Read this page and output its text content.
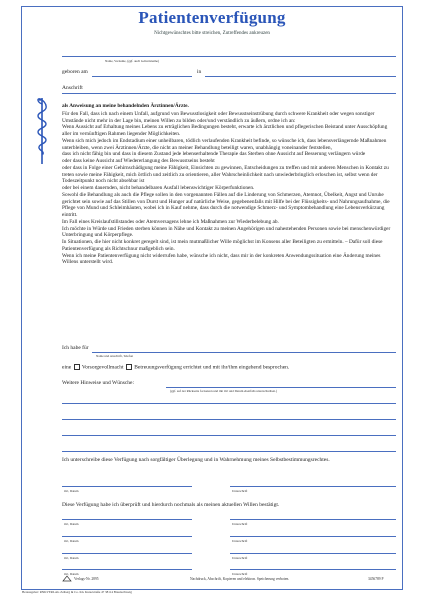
Patientenverfügung
Nichtgewünschtes bitte streichen, Zutreffendes ankreuzen
Name, Vorname, (ggf. auch Geburtsname)
geboren am	in
Anschrift

als Anweisung an meine behandelnden Ärztinnen/Ärzte.

Für den Fall, dass ich nach einem Unfall, aufgrund von Bewusstlosigkeit oder Bewusstseinstrübung durch schwere Krankheit oder wegen sonstiger Umstände nicht mehr in der Lage bin, meinen Willen zu bilden oder/und verständlich zu äußern, ordne ich an:

Wenn Aussicht auf Erhaltung meines Lebens zu erträglichen Bedingungen besteht, erwarte ich ärztlichen und pflegerischen Beistand unter Ausschöpfung aller im vernünftigen Rahmen liegender Möglichkeiten.

Wenn sich mich jedoch im Endstadium einer unheilbaren, tödlich verlaufenden Krankheit befinde, so wünsche ich, dass lebensverlängernde Maßnahmen unterbleiben, wenn zwei Ärztinnen/Ärzte, die nicht an meiner Behandlung beteiligt waren, unabhängig voneinander feststellen,

dass ich nicht fähig bin und dass in diesem Zustand jede lebenserhaltende Therapie das Sterben ohne Aussicht auf Besserung verlängern würde

oder dass keine Aussicht auf Wiedererlangung des Bewusstseins besteht

oder dass in Folge einer Gehirnschädigung meine Fähigkeit, Einsichten zu gewinnen, Entscheidungen zu treffen und mit anderen Menschen in Kontakt zu treten sowie meine Fähigkeit, mich örtlich und zeitlich zu orientieren, aller Wahrscheinlichkeit nach unwiederbringlich erloschen ist, selbst wenn der Todeszeitpunkt noch nicht absehbar ist

oder bei einem dauernden, nicht behandelbaren Ausfall lebenswichtiger Körperfunktionen.

Sowohl die Behandlung als auch die Pflege sollen in den vorgenannten Fällen auf die Linderung von Schmerzen, Atemnot, Übelkeit, Angst und Unruhe gerichtet sein sowie auf das Stillen von Durst und Hunger auf natürliche Weise, gegebenenfalls mit Hilfe bei der Flüssigkeits- und Nahrungsaufnahme, die Pflege von Mund und Schleimhäuten, wobei ich in Kauf nehme, dass durch die notwendige Schmerz- und Symptombehandlung eine Lebensverkürzung eintritt.

Im Fall eines Kreislaufstillstandes oder Atemversagens lehne ich Maßnahmen zur Wiederbelebung ab.

Ich möchte in Würde und Frieden sterben können in Nähe und Kontakt zu meinen Angehörigen und nahestehenden Personen sowie bei menschenwürdiger Unterbringung und Körperpflege.

In Situationen, die hier nicht konkret geregelt sind, ist mein mutmaßlicher Wille möglichst im Konsens aller Beteiligten zu ermitteln. – Dafür soll diese Patientenverfügung als Richtschnur maßgeblich sein.

Wenn ich meine Patientenverfügung nicht widerrufen habe, wünsche ich nicht, dass mir in der konkreten Anwendungssituation eine Änderung meines Willens unterstellt wird.

Ich habe für
Name und Anschrift, Telefon
eine Vorsorgevollmacht Betreuungsverfügung errichtet und mit ihr/ihm eingehend besprochen.
Weitere Hinweise und Wünsche:
(ggf. auf der Rückseite fortsetzen und mit Ort und Datum ebenfalls unterschreiben.)
Ich unterschreibe diese Verfügung nach sorgfältiger Überlegung und in Wahrnehmung meines Selbstbestimmungsrechtes.
Ort, Datum	Unterschrift
Diese Verfügung habe ich überprüft und hierdurch nochmals als meinen aktuellen Willen bestätigt.
Ort, Datum	Unterschrift
Ort, Datum	Unterschrift
Ort, Datum	Unterschrift
Ort, Datum	Unterschrift
Verlags-Nr. 2895	Nachdruck, Abschrift, Kopieren und elektron. Speicherung verboten.	3456789 P
Herausgeber: RNKVERLAG Zeiberg & Co. KG Kreuzstraße 47 38114 Braunschweig
